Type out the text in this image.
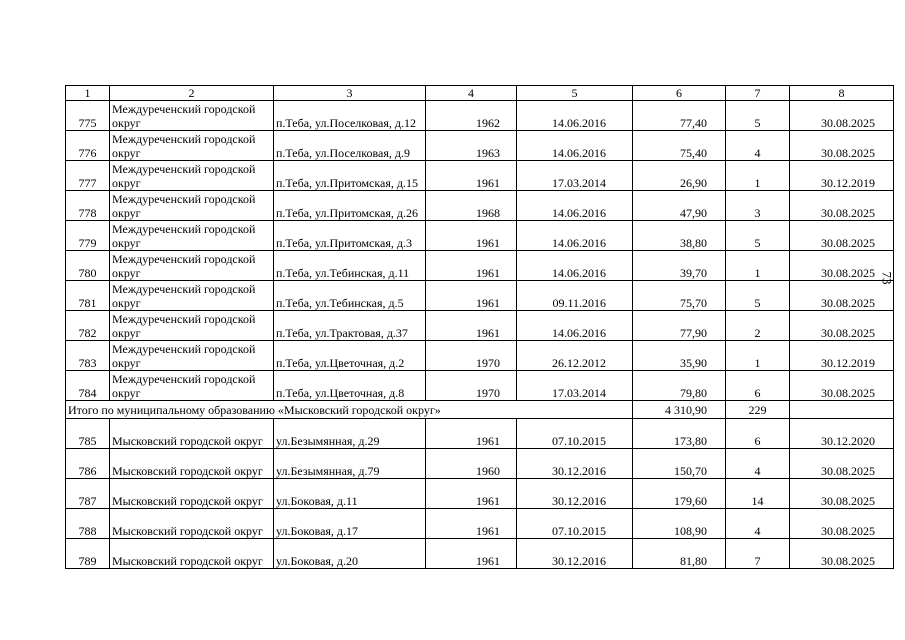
1	2	3	4	5	6	7	8
775	Междуреченский городской округ	п.Теба, ул.Поселковая, д.12	1962	14.06.2016	77,40	5	30.08.2025
776	Междуреченский городской округ	п.Теба, ул.Поселковая, д.9	1963	14.06.2016	75,40	4	30.08.2025
777	Междуреченский городской округ	п.Теба, ул.Притомская, д.15	1961	17.03.2014	26,90	1	30.12.2019
778	Междуреченский городской округ	п.Теба, ул.Притомская, д.26	1968	14.06.2016	47,90	3	30.08.2025
779	Междуреченский городской округ	п.Теба, ул.Притомская, д.3	1961	14.06.2016	38,80	5	30.08.2025
780	Междуреченский городской округ	п.Теба, ул.Тебинская, д.11	1961	14.06.2016	39,70	1	30.08.2025
781	Междуреченский городской округ	п.Теба, ул.Тебинская, д.5	1961	09.11.2016	75,70	5	30.08.2025
782	Междуреченский городской округ	п.Теба, ул.Трактовая, д.37	1961	14.06.2016	77,90	2	30.08.2025
783	Междуреченский городской округ	п.Теба, ул.Цветочная, д.2	1970	26.12.2012	35,90	1	30.12.2019
784	Междуреченский городской округ	п.Теба, ул.Цветочная, д.8	1970	17.03.2014	79,80	6	30.08.2025
Итого по муниципальному образованию «Мысковский городской округ»					4 310,90	229	
785	Мысковский городской округ	ул.Безымянная, д.29	1961	07.10.2015	173,80	6	30.12.2020
786	Мысковский городской округ	ул.Безымянная, д.79	1960	30.12.2016	150,70	4	30.08.2025
787	Мысковский городской округ	ул.Боковая, д.11	1961	30.12.2016	179,60	14	30.08.2025
788	Мысковский городской округ	ул.Боковая, д.17	1961	07.10.2015	108,90	4	30.08.2025
789	Мысковский городской округ	ул.Боковая, д.20	1961	30.12.2016	81,80	7	30.08.2025
73
